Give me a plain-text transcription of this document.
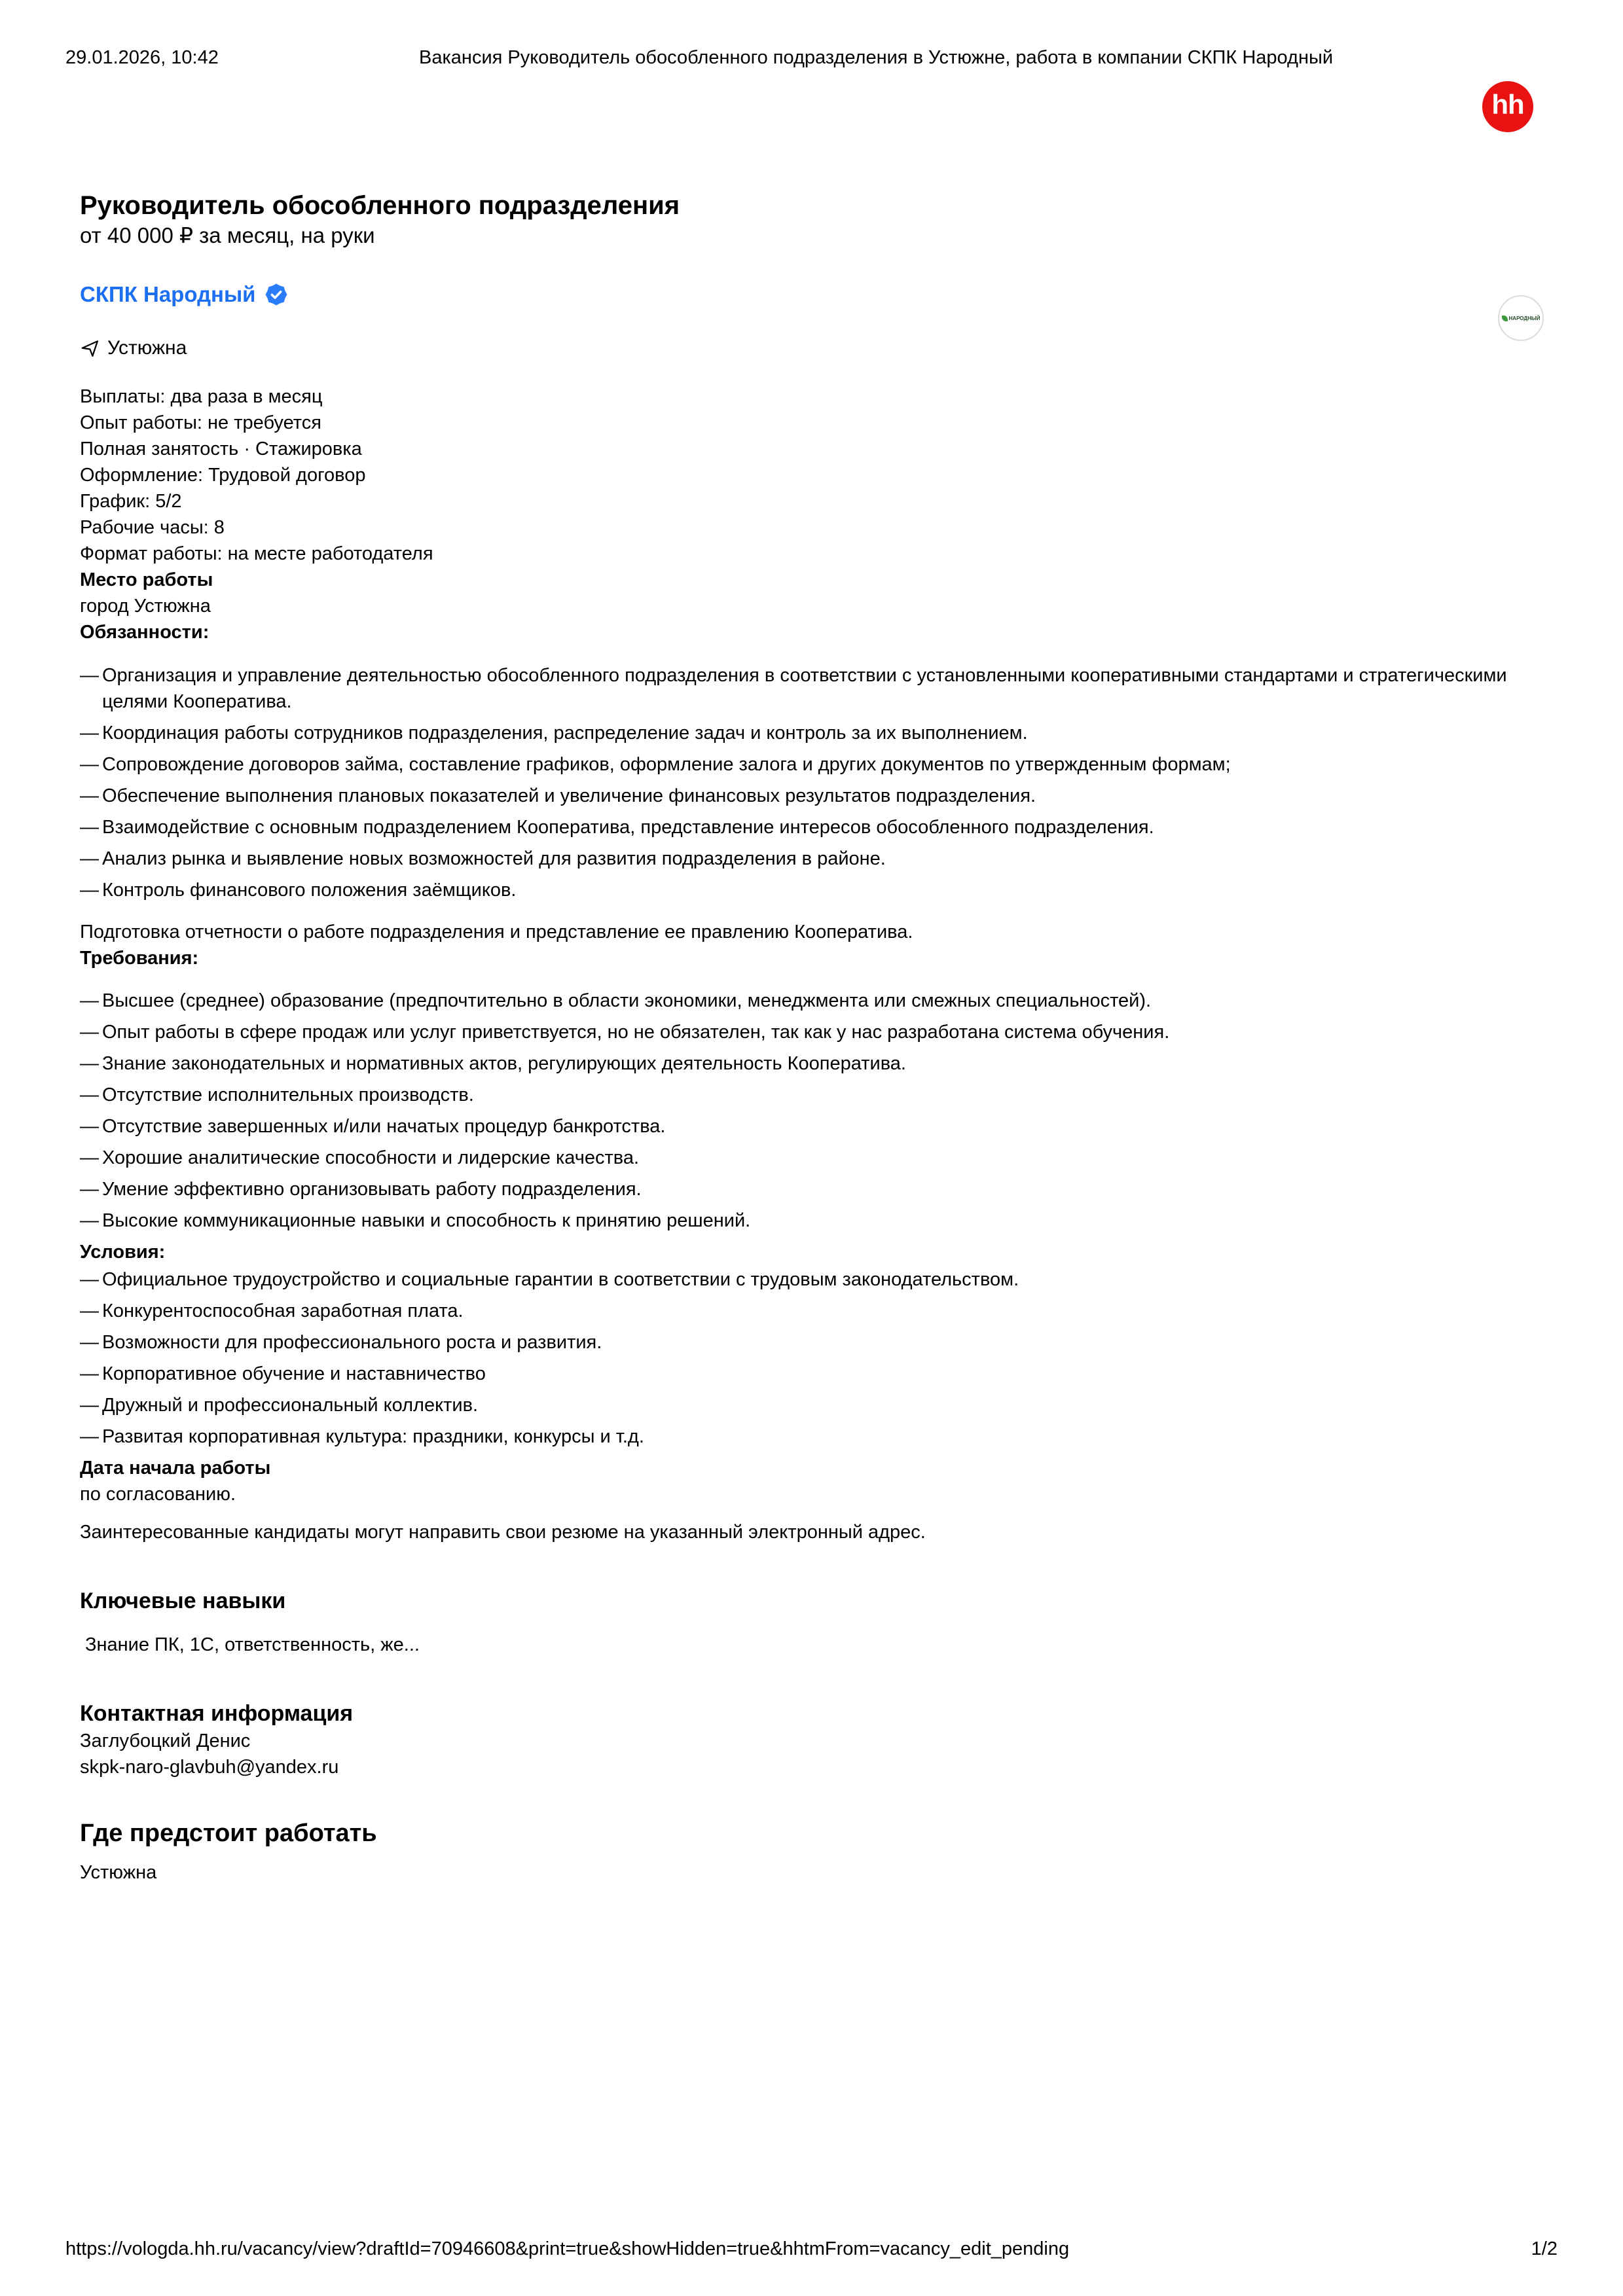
29.01.2026, 10:42	Вакансия Руководитель обособленного подразделения в Устюжне, работа в компании СКПК Народный
hh
НАРОДНЫЙ
Руководитель обособленного подразделения

от 40 000 ₽ за месяц, на руки

СКПК Народный
Устюжна

Выплаты: два раза в месяц

Опыт работы: не требуется

Полная занятость · Стажировка

Оформление: Трудовой договор

График: 5/2

Рабочие часы: 8

Формат работы: на месте работодателя

Место работы

город Устюжна

Обязанности:

— Организация и управление деятельностью обособленного подразделения в соответствии с установленными кооперативными стандартами и стратегическими целями Кооператива.
— Координация работы сотрудников подразделения, распределение задач и контроль за их выполнением.
— Сопровождение договоров займа, составление графиков, оформление залога и других документов по утвержденным формам;
— Обеспечение выполнения плановых показателей и увеличение финансовых результатов подразделения.
— Взаимодействие с основным подразделением Кооператива, представление интересов обособленного подразделения.
— Анализ рынка и выявление новых возможностей для развития подразделения в районе.
— Контроль финансового положения заёмщиков.

Подготовка отчетности о работе подразделения и представление ее правлению Кооператива.

Требования:

— Высшее (среднее) образование (предпочтительно в области экономики, менеджмента или смежных специальностей).
— Опыт работы в сфере продаж или услуг приветствуется, но не обязателен, так как у нас разработана система обучения.
— Знание законодательных и нормативных актов, регулирующих деятельность Кооператива.
— Отсутствие исполнительных производств.
— Отсутствие завершенных и/или начатых процедур банкротства.
— Хорошие аналитические способности и лидерские качества.
— Умение эффективно организовывать работу подразделения.
— Высокие коммуникационные навыки и способность к принятию решений.

Условия:

— Официальное трудоустройство и социальные гарантии в соответствии с трудовым законодательством.
— Конкурентоспособная заработная плата.
— Возможности для профессионального роста и развития.
— Корпоративное обучение и наставничество
— Дружный и профессиональный коллектив.
— Развитая корпоративная культура: праздники, конкурсы и т.д.

Дата начала работы

по согласованию.

Заинтересованные кандидаты могут направить свои резюме на указанный электронный адрес.

Ключевые навыки

Знание ПК, 1С, ответственность, же...

Контактная информация

Заглубоцкий Денис

skpk-naro-glavbuh@yandex.ru

Где предстоит работать

Устюжна

https://vologda.hh.ru/vacancy/view?draftId=70946608&print=true&showHidden=true&hhtmFrom=vacancy_edit_pending	1/2
